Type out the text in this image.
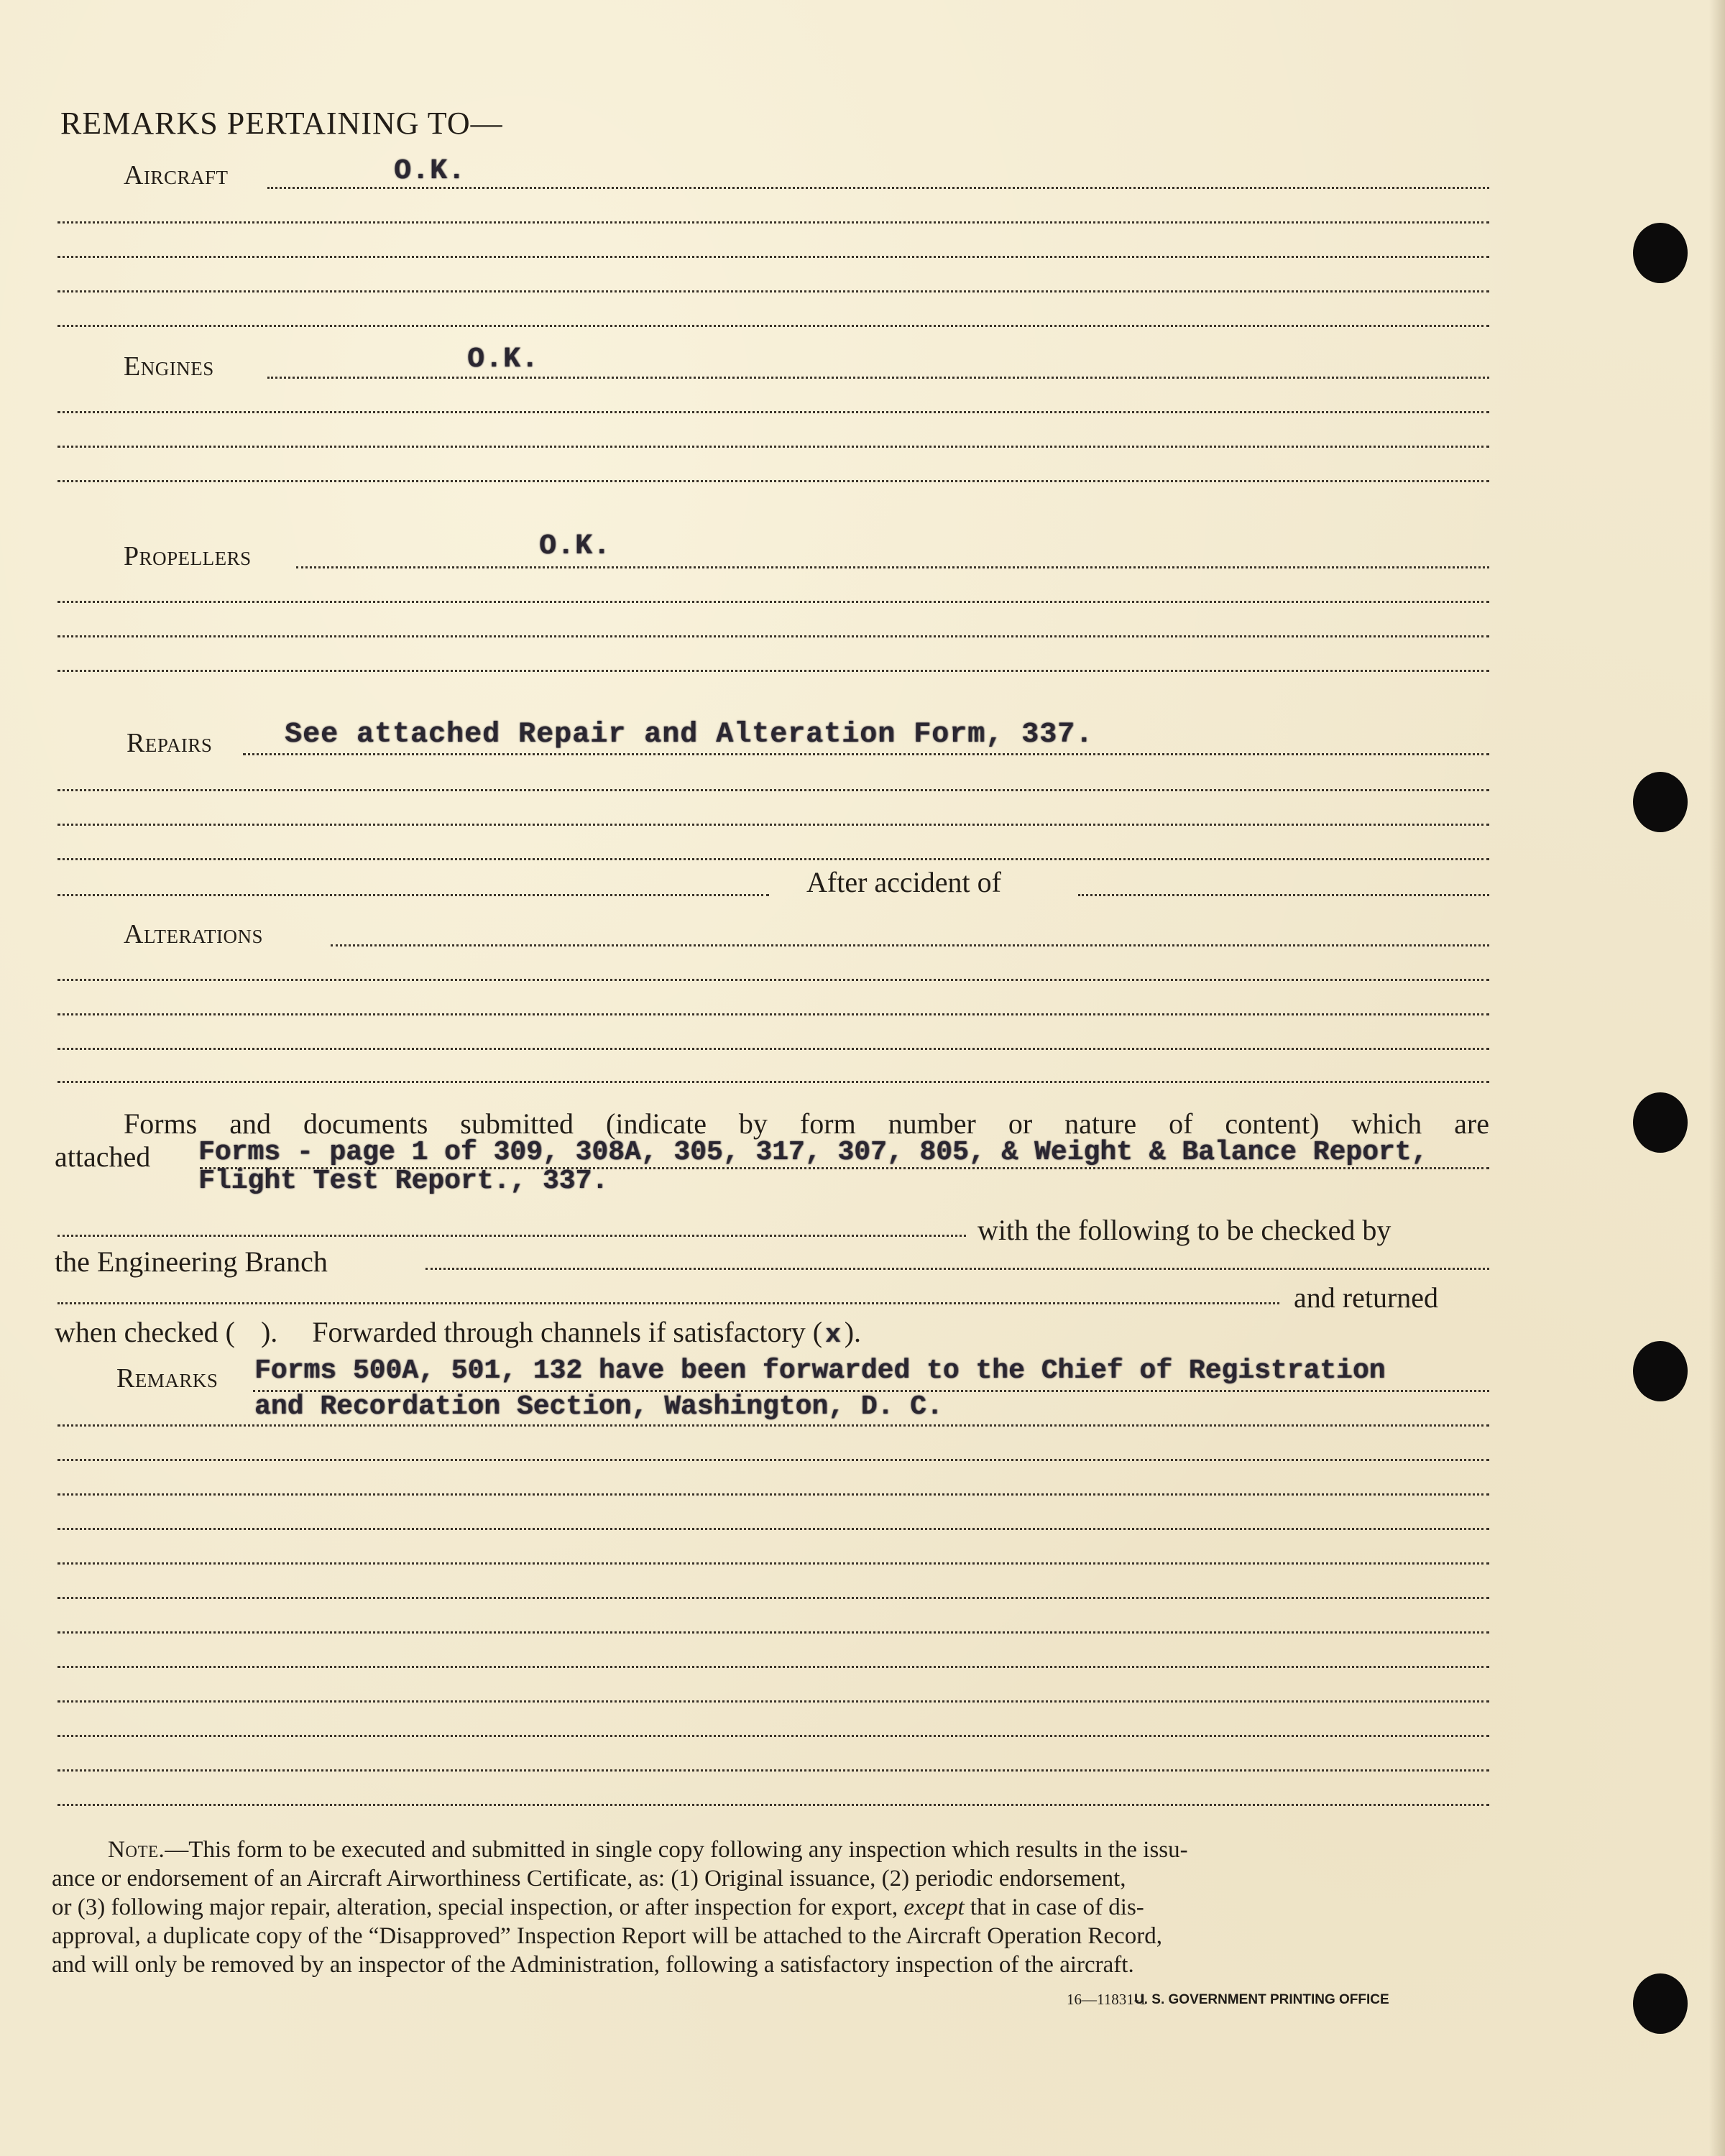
REMARKS PERTAINING TO—
Aircraft	O.K.
Engines	O.K.
Propellers	O.K.
Repairs	See attached Repair and Alteration Form, 337.
After accident of
Alterations
Forms and documents submitted (indicate by form number or nature of content) which are
attached Forms - page 1 of 309, 308A, 305, 317, 307, 805, & Weight & Balance Report,
Flight Test Report., 337.
with the following to be checked by
the Engineering Branch
and returned
when checked ( ). Forwarded through channels if satisfactory ( x ).
Remarks Forms 500A, 501, 132 have been forwarded to the Chief of Registration
and Recordation Section, Washington, D. C.
Note.—This form to be executed and submitted in single copy following any inspection which results in the issu-
ance or endorsement of an Aircraft Airworthiness Certificate, as: (1) Original issuance, (2) periodic endorsement,
or (3) following major repair, alteration, special inspection, or after inspection for export, except that in case of dis-
approval, a duplicate copy of the “Disapproved” Inspection Report will be attached to the Aircraft Operation Record,
and will only be removed by an inspector of the Administration, following a satisfactory inspection of the aircraft.
16—11831-1
U. S. GOVERNMENT PRINTING OFFICE
